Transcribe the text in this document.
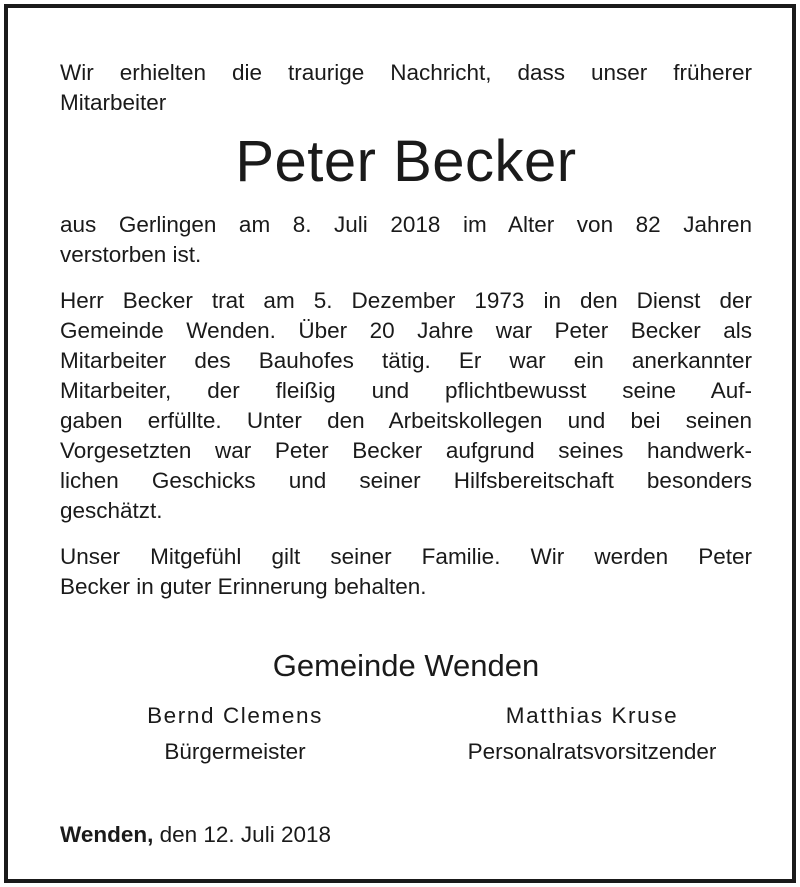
Wir erhielten die traurige Nachricht, dass unser früherer
Mitarbeiter

Peter Becker

aus Gerlingen am 8. Juli 2018 im Alter von 82 Jahren
verstorben ist.

Herr Becker trat am 5. Dezember 1973 in den Dienst der
Gemeinde Wenden. Über 20 Jahre war Peter Becker als
Mitarbeiter des Bauhofes tätig. Er war ein anerkannter
Mitarbeiter, der fleißig und pflichtbewusst seine Auf-
gaben erfüllte. Unter den Arbeitskollegen und bei seinen
Vorgesetzten war Peter Becker aufgrund seines handwerk-
lichen Geschicks und seiner Hilfsbereitschaft besonders
geschätzt.

Unser Mitgefühl gilt seiner Familie. Wir werden Peter
Becker in guter Erinnerung behalten.

Gemeinde Wenden
Bernd Clemens
Bürgermeister
Matthias Kruse
Personalratsvorsitzender
Wenden, den 12. Juli 2018
